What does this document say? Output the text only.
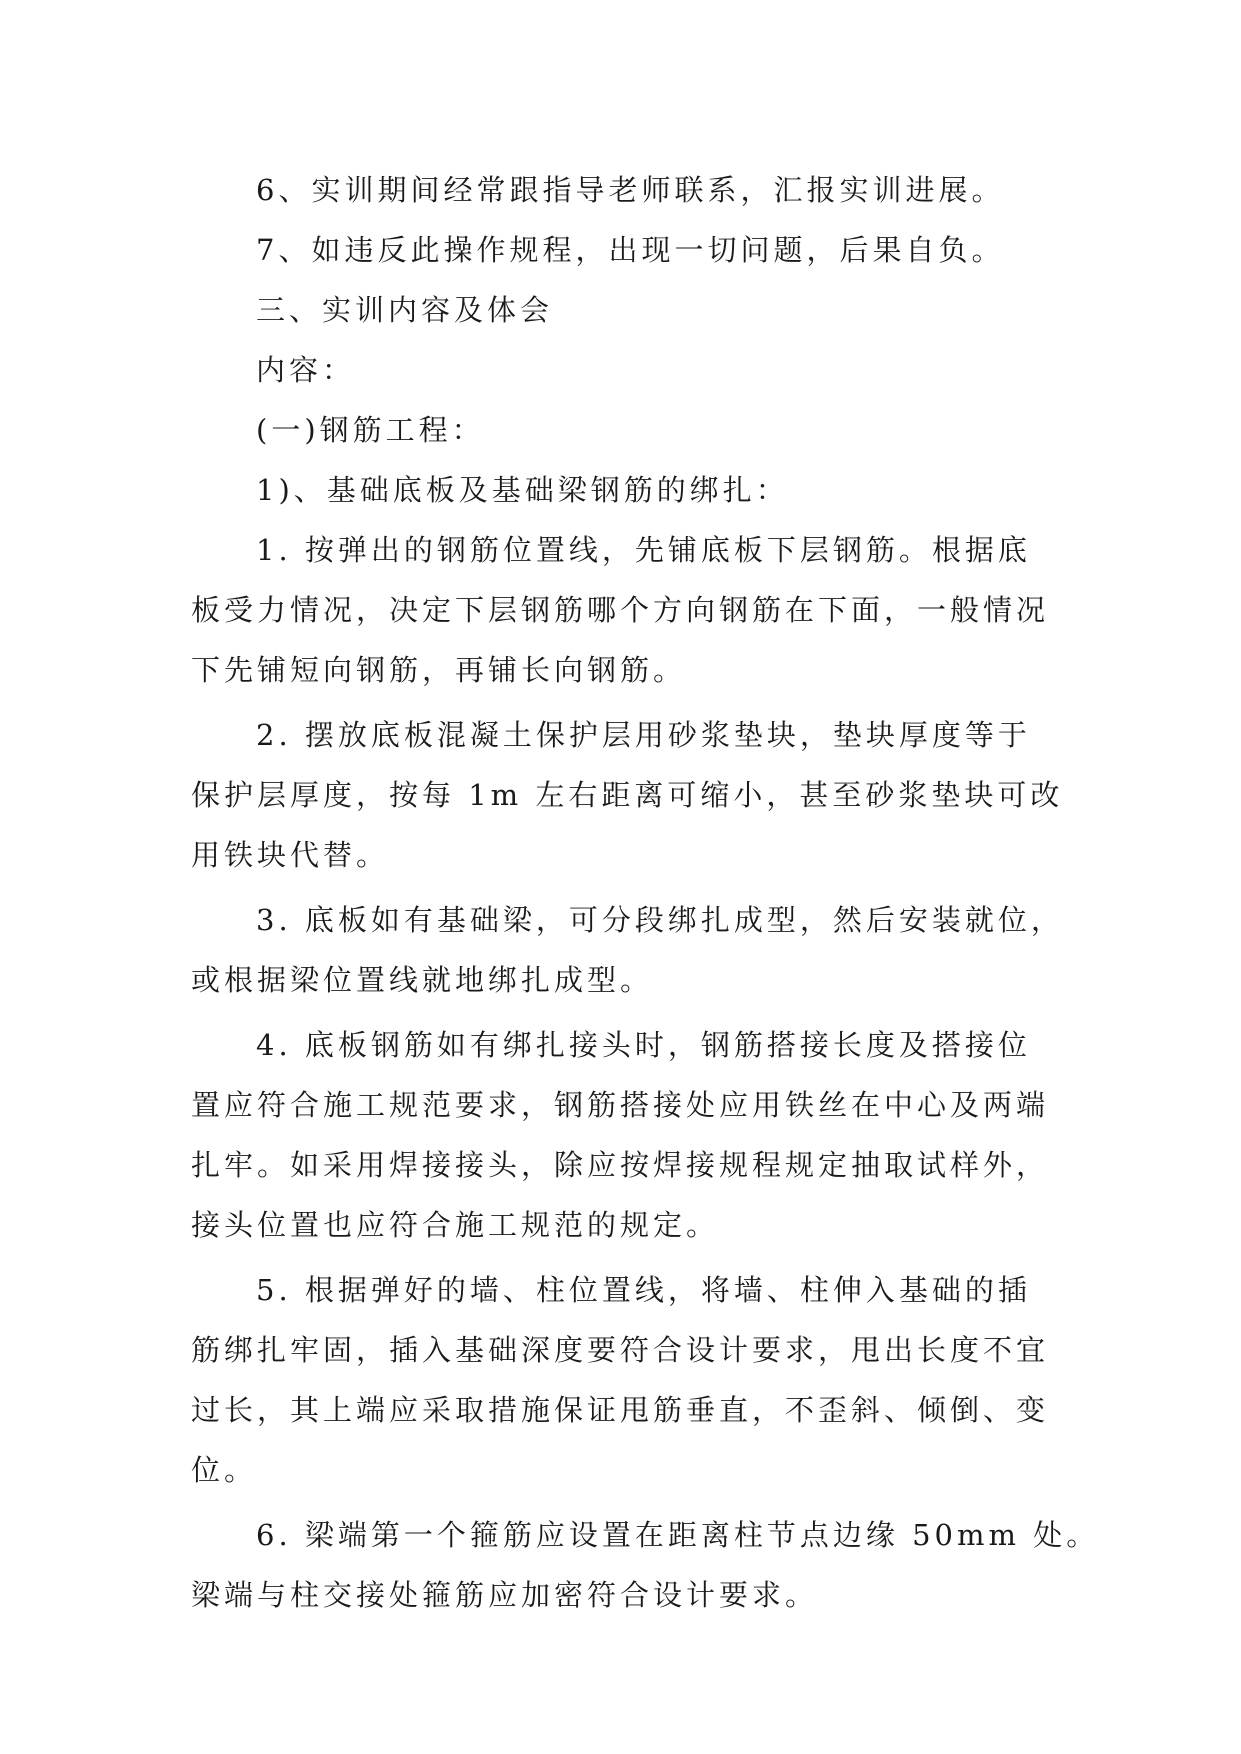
6、实训期间经常跟指导老师联系，汇报实训进展。
7、如违反此操作规程，出现一切问题，后果自负。
三、实训内容及体会
内容：
(一)钢筋工程：
1)、基础底板及基础梁钢筋的绑扎：
1. 按弹出的钢筋位置线，先铺底板下层钢筋。根据底
板受力情况，决定下层钢筋哪个方向钢筋在下面，一般情况
下先铺短向钢筋，再铺长向钢筋。
2. 摆放底板混凝土保护层用砂浆垫块，垫块厚度等于
保护层厚度，按每 1m 左右距离可缩小，甚至砂浆垫块可改
用铁块代替。
3. 底板如有基础梁，可分段绑扎成型，然后安装就位，
或根据梁位置线就地绑扎成型。
4. 底板钢筋如有绑扎接头时，钢筋搭接长度及搭接位
置应符合施工规范要求，钢筋搭接处应用铁丝在中心及两端
扎牢。如采用焊接接头，除应按焊接规程规定抽取试样外，
接头位置也应符合施工规范的规定。
5. 根据弹好的墙、柱位置线，将墙、柱伸入基础的插
筋绑扎牢固，插入基础深度要符合设计要求，甩出长度不宜
过长，其上端应采取措施保证甩筋垂直，不歪斜、倾倒、变
位。
6. 梁端第一个箍筋应设置在距离柱节点边缘 50mm 处。
梁端与柱交接处箍筋应加密符合设计要求。
